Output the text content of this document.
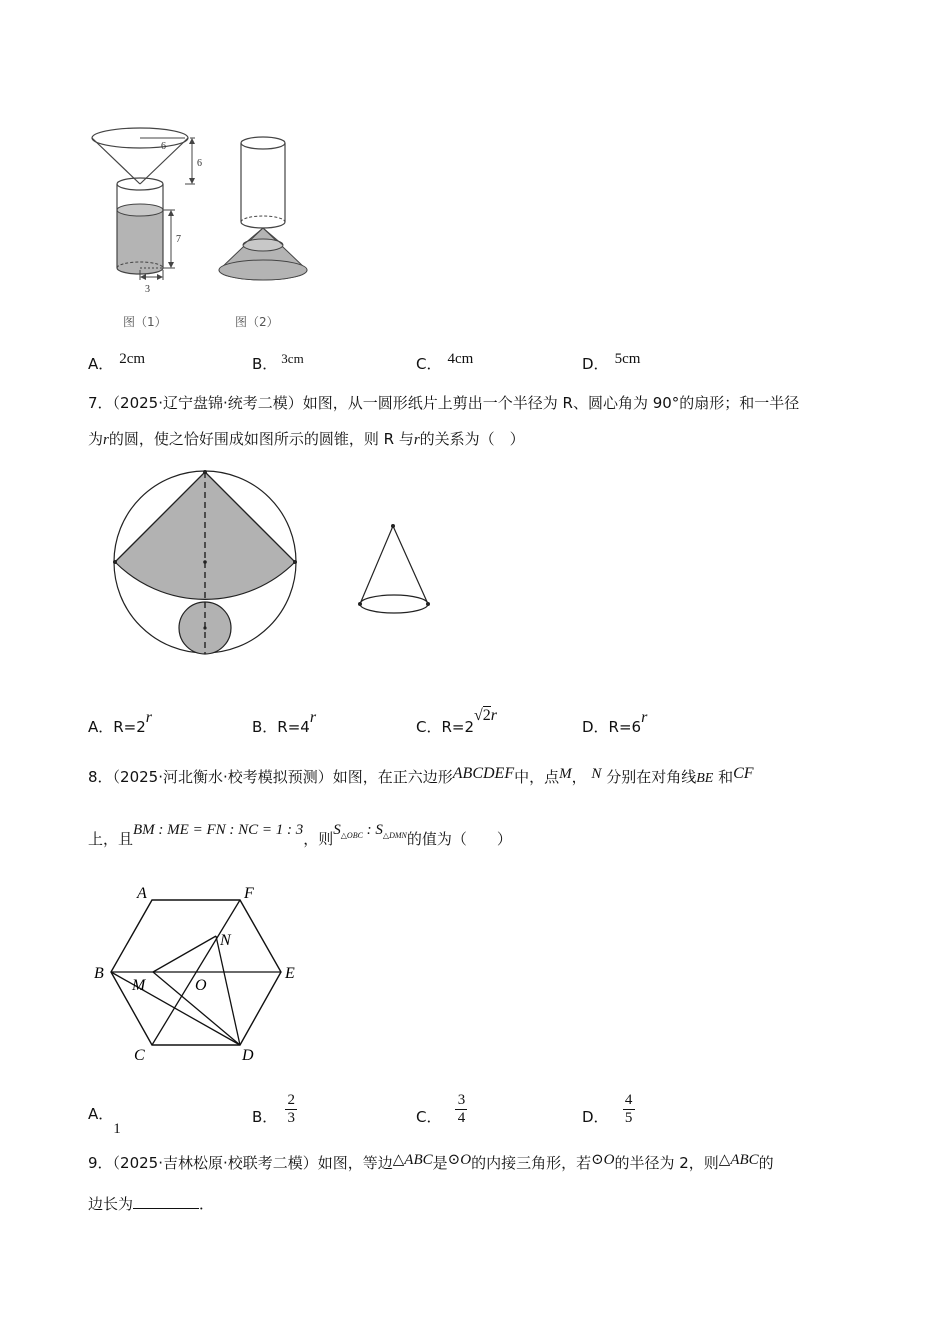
6
6
7
3
图（1）	图（2）
A． 2cm	B． 3cm	C． 4cm	D． 5cm
7．（2025·辽宁盘锦·统考二模）如图，从一圆形纸片上剪出一个半径为 R、圆心角为 90°的扇形；和一半径
为r的圆，使之恰好围成如图所示的圆锥，则 R 与r的关系为（　）
A．R=2r
B．R=4r
C．R=2√2r
D．R=6r
8．（2025·河北衡水·校考模拟预测）如图，在正六边形ABCDEF中，点M， N 分别在对角线BE 和CF
上，且BM : ME = FN : NC = 1 : 3，则$S_{\triangle OBC}$ : $S_{\triangle DMN}$的值为（　　）
A	F
B	E
C	D
M
N
O
A．1
B． $\frac{2}{3}$	C． $\frac{3}{4}$	D． $\frac{4}{5}$
9．（2025·吉林松原·校联考二模）如图，等边△ABC是⊙O的内接三角形，若⊙O的半径为 2，则△ABC的
边长为	．
